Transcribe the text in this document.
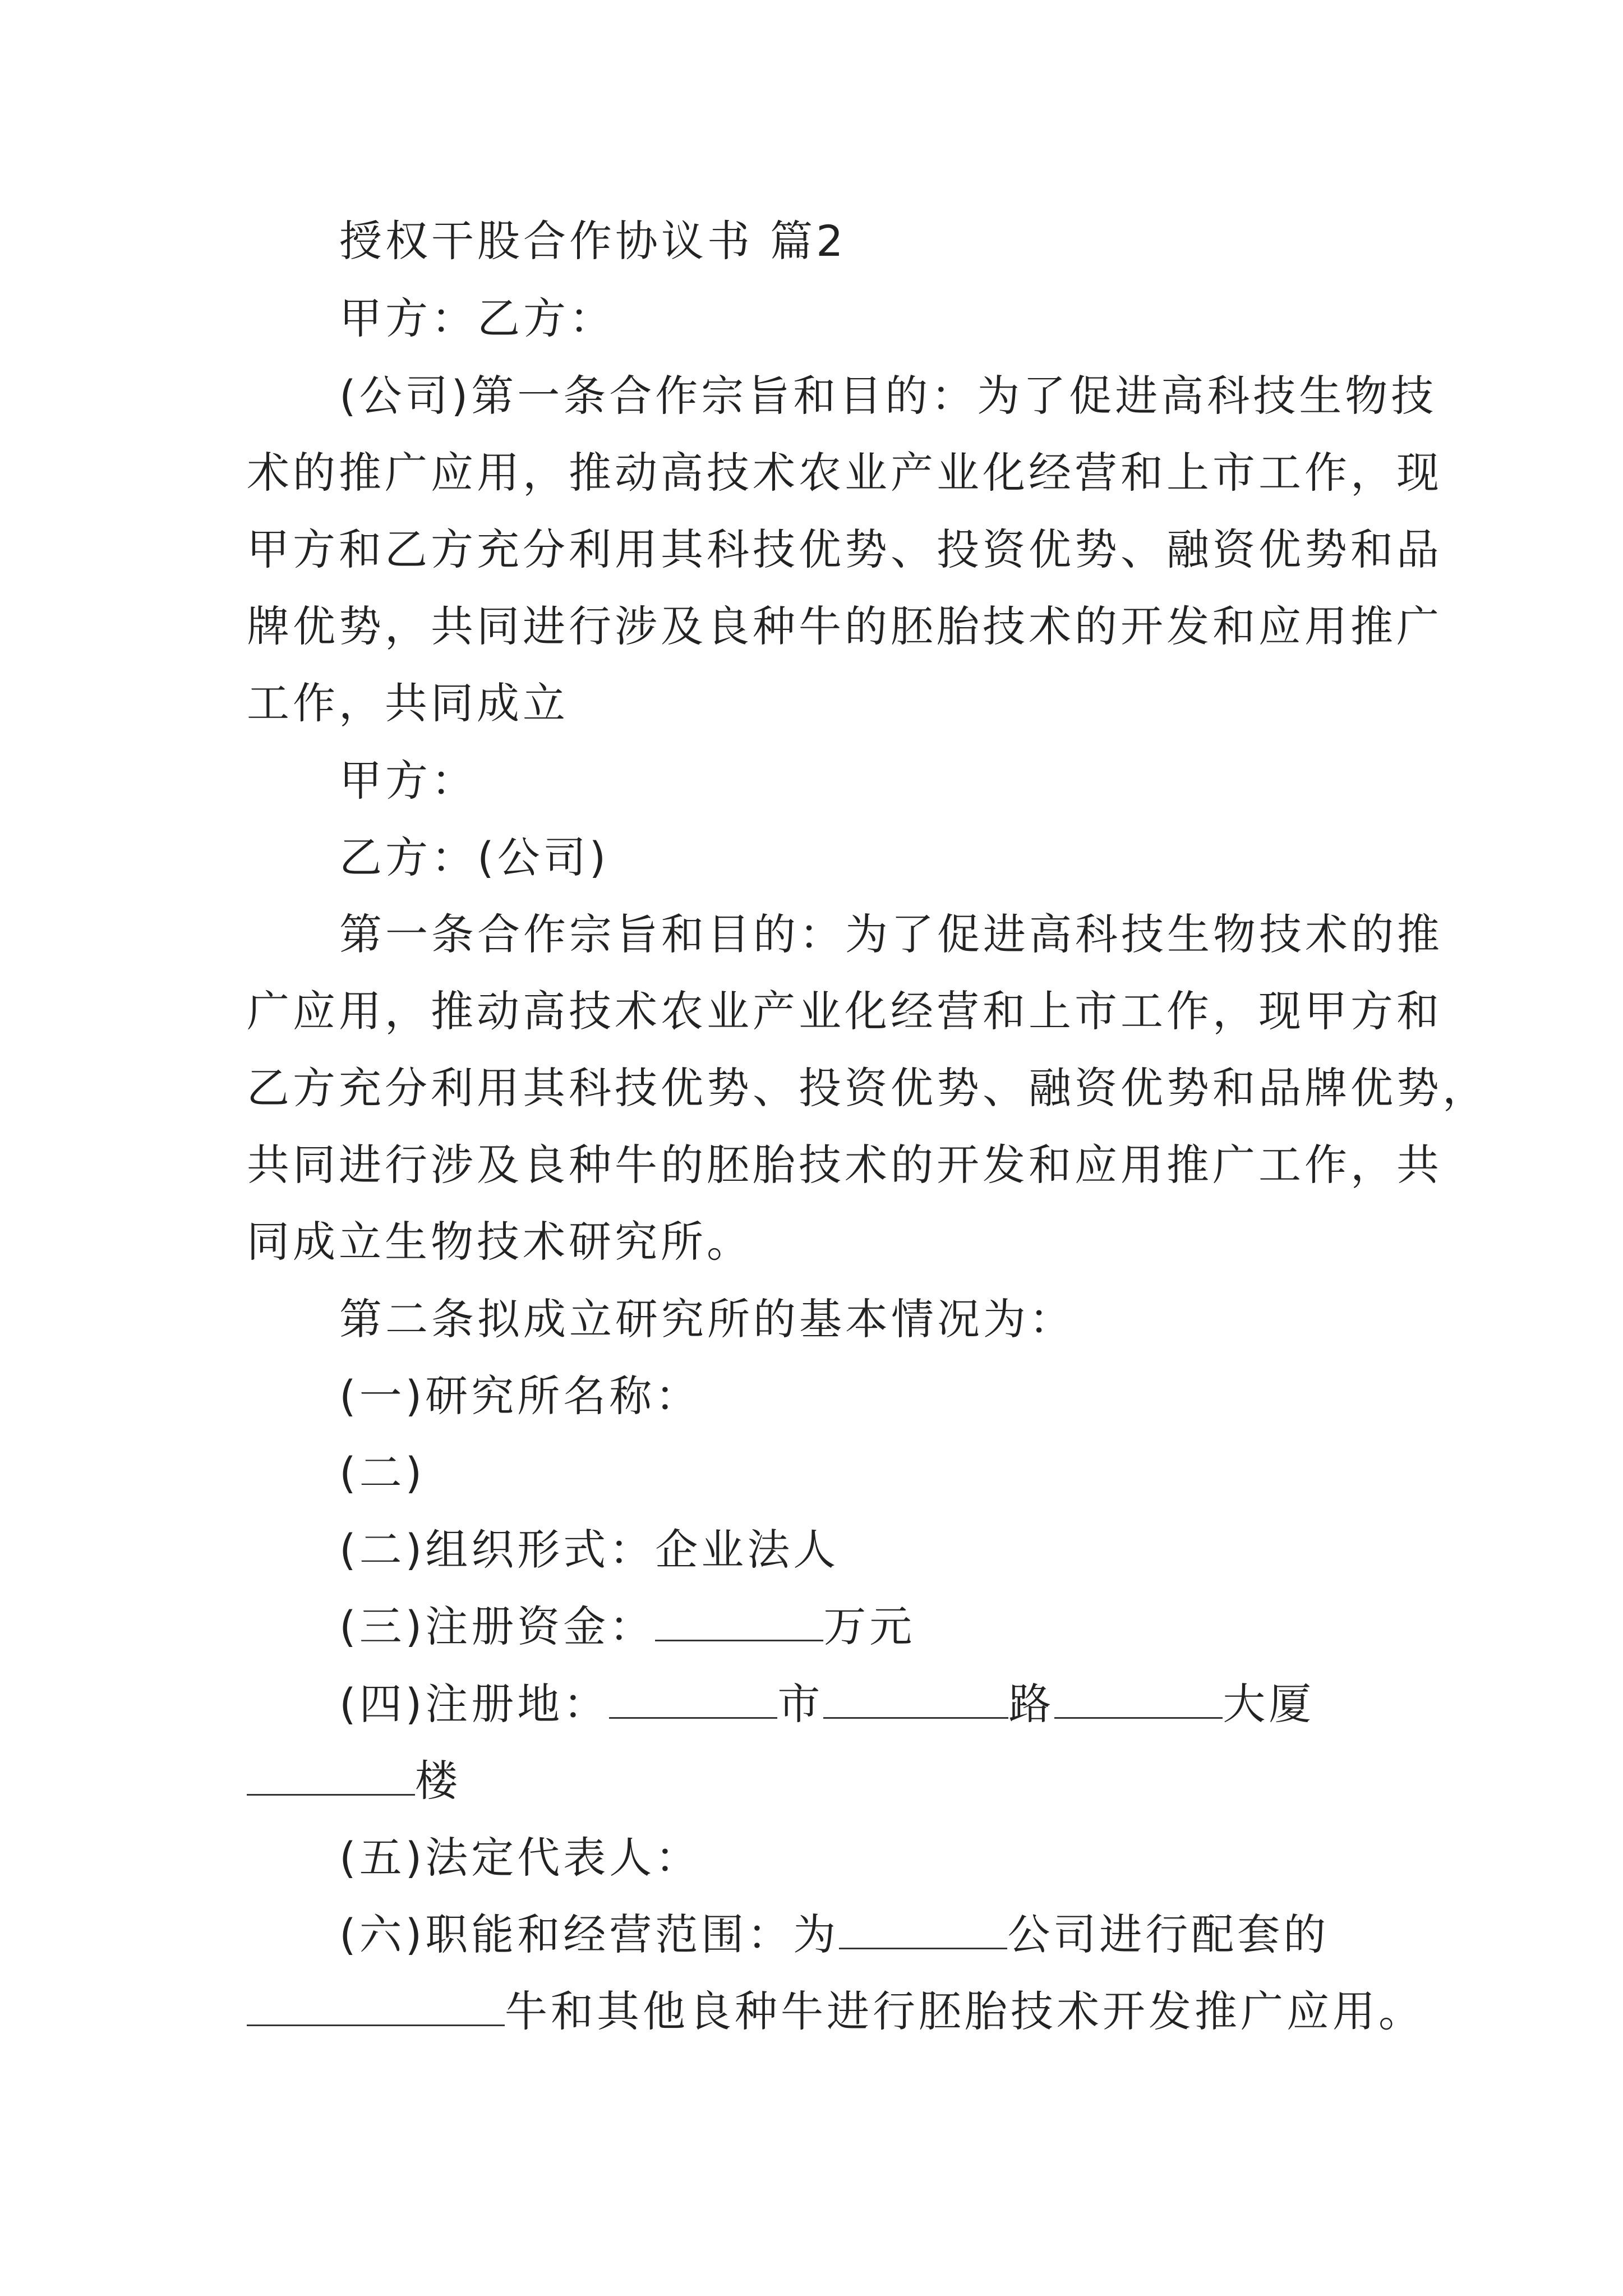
授权干股合作协议书 篇2
甲方：乙方：
(公司)第一条合作宗旨和目的：为了促进高科技生物技
术的推广应用，推动高技术农业产业化经营和上市工作，现
甲方和乙方充分利用其科技优势、投资优势、融资优势和品
牌优势，共同进行涉及良种牛的胚胎技术的开发和应用推广
工作，共同成立
甲方：
乙方：(公司)
第一条合作宗旨和目的：为了促进高科技生物技术的推
广应用，推动高技术农业产业化经营和上市工作，现甲方和
乙方充分利用其科技优势、投资优势、融资优势和品牌优势，
共同进行涉及良种牛的胚胎技术的开发和应用推广工作，共
同成立生物技术研究所。
第二条拟成立研究所的基本情况为：
(一)研究所名称：
(二)
(二)组织形式：企业法人
(三)注册资金：	万元
(四)注册地：	市	路	大厦
楼
(五)法定代表人：
(六)职能和经营范围：为	公司进行配套的
牛和其他良种牛进行胚胎技术开发推广应用。
